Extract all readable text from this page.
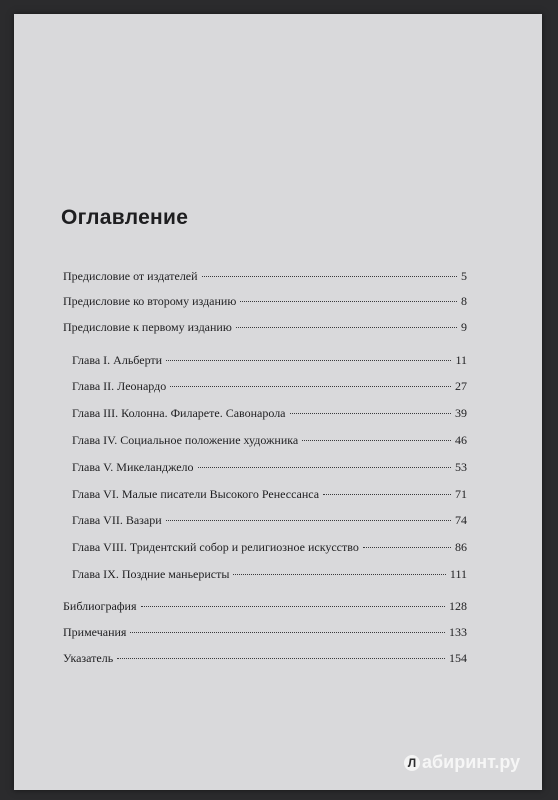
Оглавление
Предисловие от издателей	5
Предисловие ко второму изданию	8
Предисловие к первому изданию	9
Глава I. Альберти	11
Глава II. Леонардо	27
Глава III. Колонна. Филарете. Савонарола	39
Глава IV. Социальное положение художника	46
Глава V. Микеланджело	53
Глава VI. Малые писатели Высокого Ренессанса	71
Глава VII. Вазари	74
Глава VIII. Тридентский собор и религиозное искусство	86
Глава IX. Поздние маньеристы	111
Библиография	128
Примечания	133
Указатель	154
Л абиринт.ру
